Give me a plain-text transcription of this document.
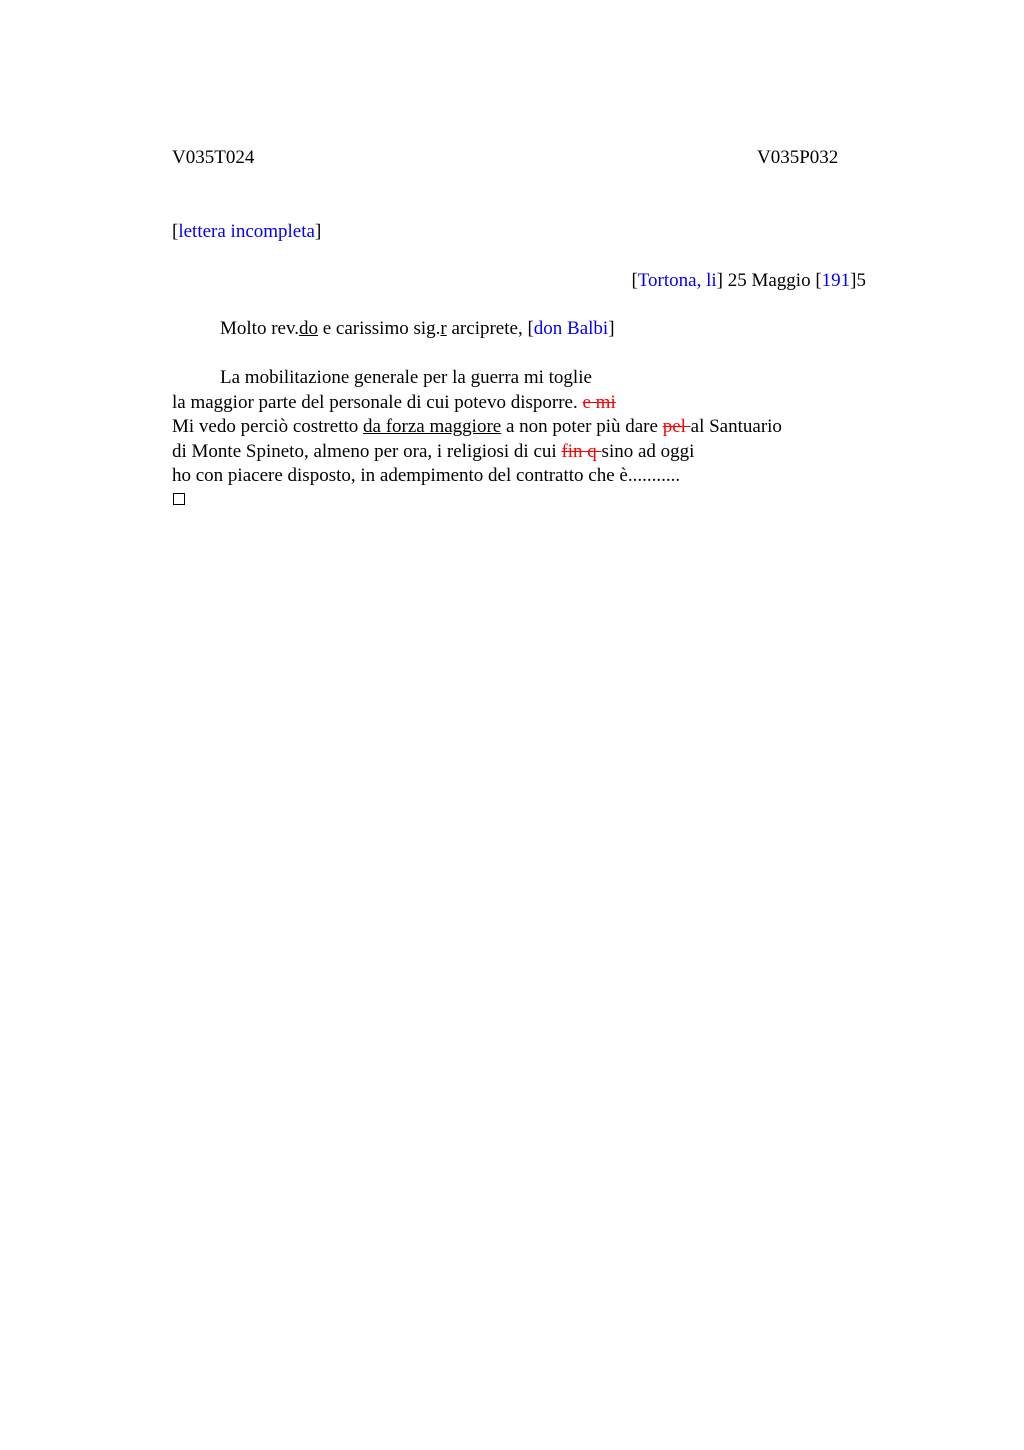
V035T024	V035P032
[lettera incompleta]
[Tortona, li] 25 Maggio [191]5
Molto rev.do e carissimo sig.r arciprete, [don Balbi]
La mobilitazione generale per la guerra mi toglie
la maggior parte del personale di cui potevo disporre. e mi
Mi vedo perciò costretto da forza maggiore a non poter più dare pel al Santuario
di Monte Spineto, almeno per ora, i religiosi di cui fin q sino ad oggi
ho con piacere disposto, in adempimento del contratto che è...........
